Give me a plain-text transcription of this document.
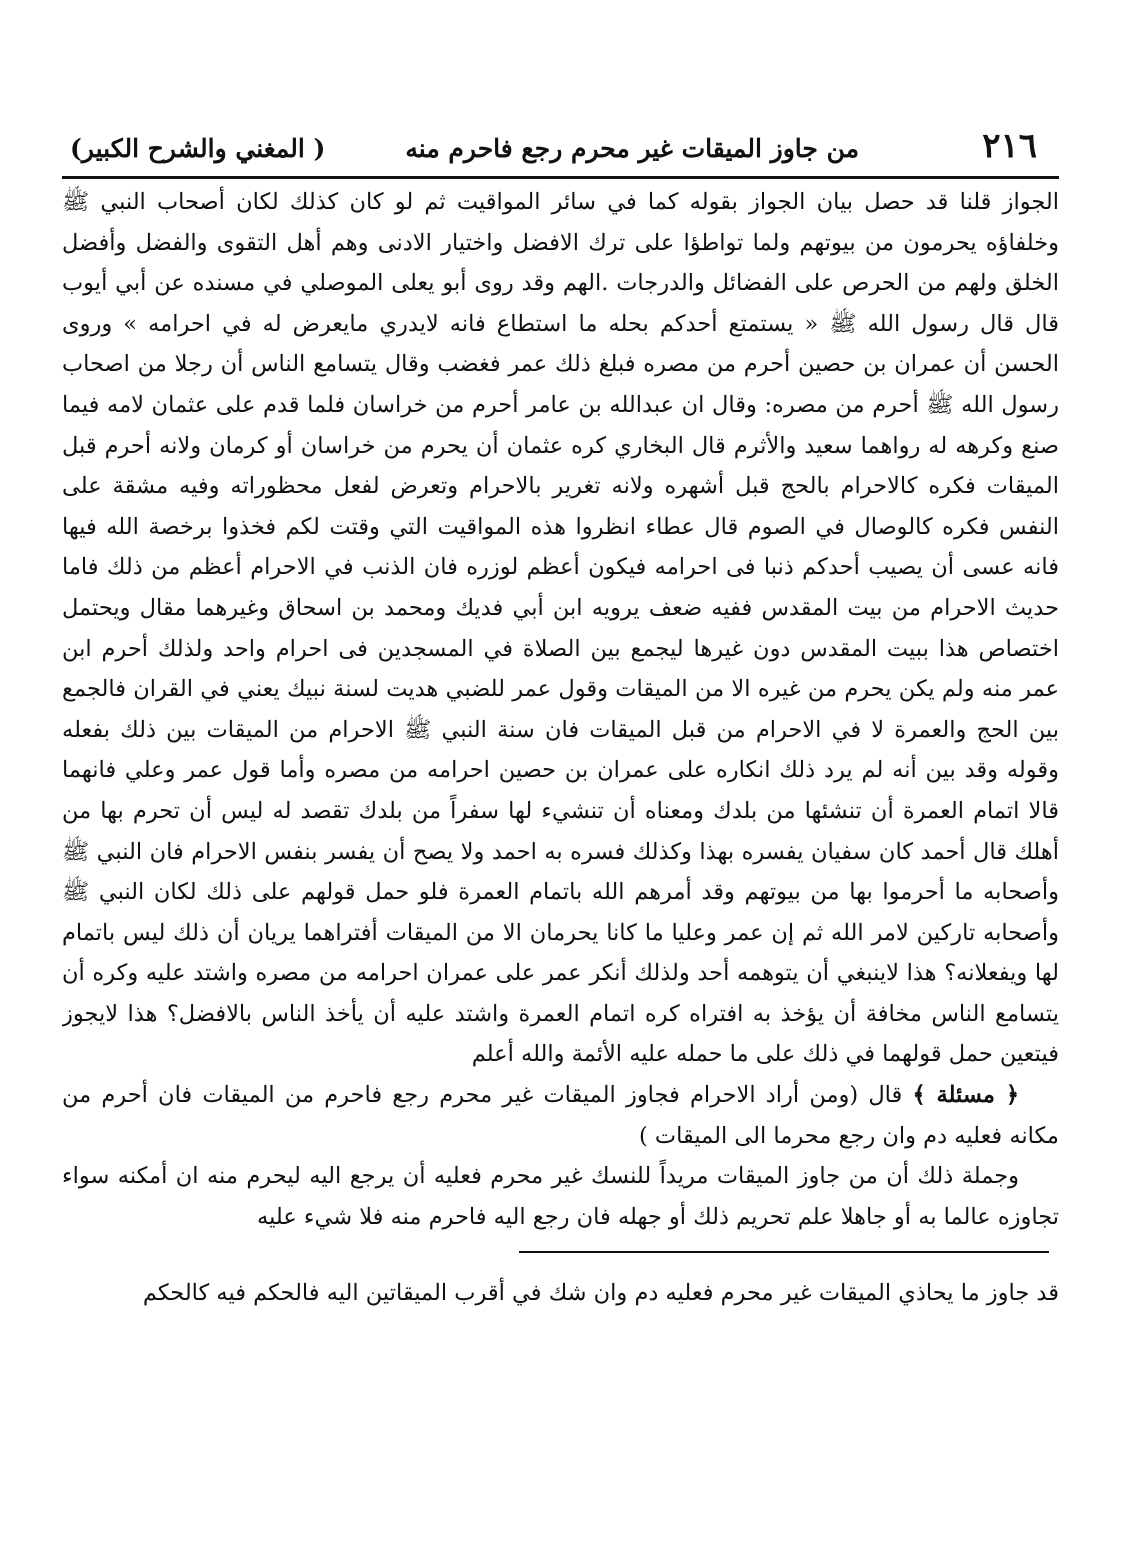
٢١٦
من جاوز الميقات غير محرم رجع فاحرم منه
( المغني والشرح الكبير)

الجواز قلنا قد حصل بيان الجواز بقوله كما في سائر المواقيت ثم لو كان كذلك لكان أصحاب النبي ﷺ وخلفاؤه يحرمون من بيوتهم ولما تواطؤا على ترك الافضل واختيار الادنى وهم أهل التقوى والفضل وأفضل الخلق ولهم من الحرص على الفضائل والدرجات .الهم وقد روى أبو يعلى الموصلي في مسنده عن أبي أيوب قال قال رسول الله ﷺ « يستمتع أحدكم بحله ما استطاع فانه لايدري مايعرض له في احرامه » وروى الحسن أن عمران بن حصين أحرم من مصره فبلغ ذلك عمر فغضب وقال يتسامع الناس أن رجلا من اصحاب رسول الله ﷺ أحرم من مصره: وقال ان عبدالله بن عامر أحرم من خراسان فلما قدم على عثمان لامه فيما صنع وكرهه له رواهما سعيد والأثرم قال البخاري كره عثمان أن يحرم من خراسان أو كرمان ولانه أحرم قبل الميقات فكره كالاحرام بالحج قبل أشهره ولانه تغرير بالاحرام وتعرض لفعل محظوراته وفيه مشقة على النفس فكره كالوصال في الصوم قال عطاء انظروا هذه المواقيت التي وقتت لكم فخذوا برخصة الله فيها فانه عسى أن يصيب أحدكم ذنبا فى احرامه فيكون أعظم لوزره فان الذنب في الاحرام أعظم من ذلك فاما حديث الاحرام من بيت المقدس ففيه ضعف يرويه ابن أبي فديك ومحمد بن اسحاق وغيرهما مقال ويحتمل اختصاص هذا ببيت المقدس دون غيرها ليجمع بين الصلاة في المسجدين فى احرام واحد ولذلك أحرم ابن عمر منه ولم يكن يحرم من غيره الا من الميقات وقول عمر للضبي هديت لسنة نبيك يعني في القران فالجمع بين الحج والعمرة لا في الاحرام من قبل الميقات فان سنة النبي ﷺ الاحرام من الميقات بين ذلك بفعله وقوله وقد بين أنه لم يرد ذلك انكاره على عمران بن حصين احرامه من مصره وأما قول عمر وعلي فانهما قالا اتمام العمرة أن تنشئها من بلدك ومعناه أن تنشيء لها سفراً من بلدك تقصد له ليس أن تحرم بها من أهلك قال أحمد كان سفيان يفسره بهذا وكذلك فسره به احمد ولا يصح أن يفسر بنفس الاحرام فان النبي ﷺ وأصحابه ما أحرموا بها من بيوتهم وقد أمرهم الله باتمام العمرة فلو حمل قولهم على ذلك لكان النبي ﷺ وأصحابه تاركين لامر الله ثم إن عمر وعليا ما كانا يحرمان الا من الميقات أفتراهما يريان أن ذلك ليس باتمام لها ويفعلانه؟ هذا لاينبغي أن يتوهمه أحد ولذلك أنكر عمر على عمران احرامه من مصره واشتد عليه وكره أن يتسامع الناس مخافة أن يؤخذ به افتراه كره اتمام العمرة واشتد عليه أن يأخذ الناس بالافضل؟ هذا لايجوز فيتعين حمل قولهما في ذلك على ما حمله عليه الأئمة والله أعلم

﴿ مسئلة ﴾ قال (ومن أراد الاحرام فجاوز الميقات غير محرم رجع فاحرم من الميقات فان أحرم من مكانه فعليه دم وان رجع محرما الى الميقات )

وجملة ذلك أن من جاوز الميقات مريداً للنسك غير محرم فعليه أن يرجع اليه ليحرم منه ان أمكنه سواء تجاوزه عالما به أو جاهلا علم تحريم ذلك أو جهله فان رجع اليه فاحرم منه فلا شيء عليه

قد جاوز ما يحاذي الميقات غير محرم فعليه دم وان شك في أقرب الميقاتين اليه فالحكم فيه كالحكم
